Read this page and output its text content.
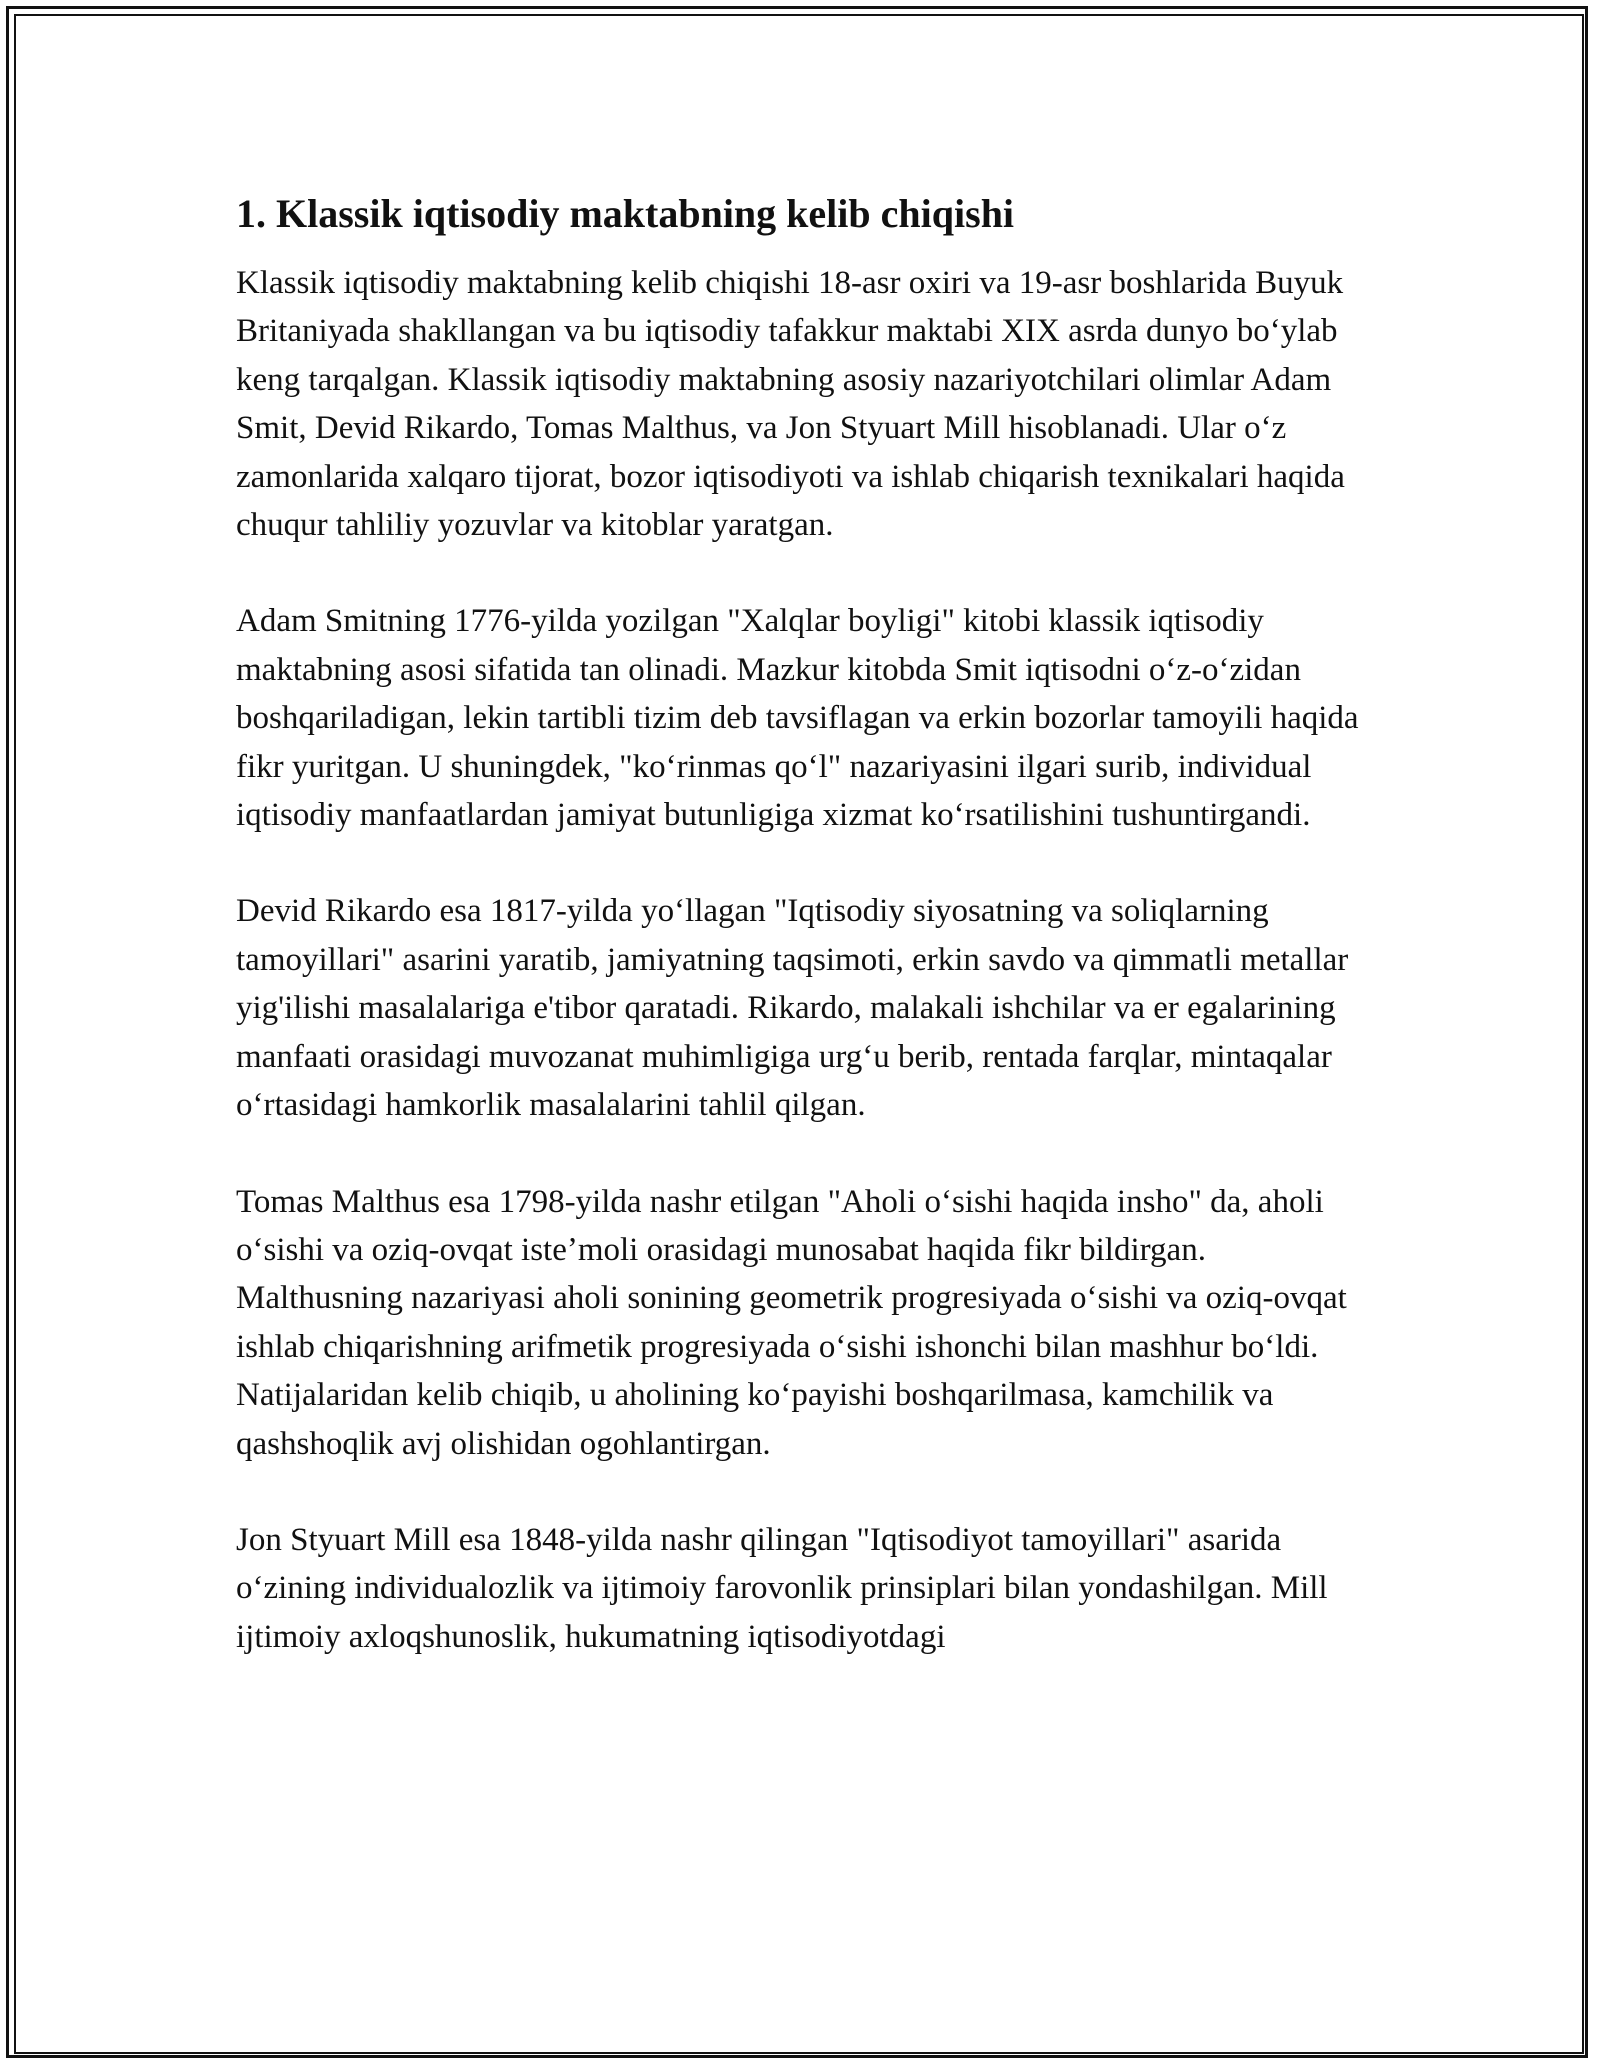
1. Klassik iqtisodiy maktabning kelib chiqishi

Klassik iqtisodiy maktabning kelib chiqishi 18-asr oxiri va 19-asr boshlarida Buyuk Britaniyada shakllangan va bu iqtisodiy tafakkur maktabi XIX asrda dunyo boʻylab keng tarqalgan. Klassik iqtisodiy maktabning asosiy nazariyotchilari olimlar Adam Smit, Devid Rikardo, Tomas Malthus, va Jon Styuart Mill hisoblanadi. Ular oʻz zamonlarida xalqaro tijorat, bozor iqtisodiyoti va ishlab chiqarish texnikalari haqida chuqur tahliliy yozuvlar va kitoblar yaratgan.

Adam Smitning 1776-yilda yozilgan "Xalqlar boyligi" kitobi klassik iqtisodiy maktabning asosi sifatida tan olinadi. Mazkur kitobda Smit iqtisodni oʻz-oʻzidan boshqariladigan, lekin tartibli tizim deb tavsiflagan va erkin bozorlar tamoyili haqida fikr yuritgan. U shuningdek, "koʻrinmas qoʻl" nazariyasini ilgari surib, individual iqtisodiy manfaatlardan jamiyat butunligiga xizmat koʻrsatilishini tushuntirgandi.

Devid Rikardo esa 1817-yilda yoʻllagan "Iqtisodiy siyosatning va soliqlarning tamoyillari" asarini yaratib, jamiyatning taqsimoti, erkin savdo va qimmatli metallar yig'ilishi masalalariga e'tibor qaratadi. Rikardo, malakali ishchilar va er egalarining manfaati orasidagi muvozanat muhimligiga urgʻu berib, rentada farqlar, mintaqalar oʻrtasidagi hamkorlik masalalarini tahlil qilgan.

Tomas Malthus esa 1798-yilda nashr etilgan "Aholi oʻsishi haqida insho" da, aholi oʻsishi va oziq-ovqat isteʼmoli orasidagi munosabat haqida fikr bildirgan. Malthusning nazariyasi aholi sonining geometrik progresiyada oʻsishi va oziq-ovqat ishlab chiqarishning arifmetik progresiyada oʻsishi ishonchi bilan mashhur boʻldi. Natijalaridan kelib chiqib, u aholining koʻpayishi boshqarilmasa, kamchilik va qashshoqlik avj olishidan ogohlantirgan.

Jon Styuart Mill esa 1848-yilda nashr qilingan "Iqtisodiyot tamoyillari" asarida oʻzining individualozlik va ijtimoiy farovonlik prinsiplari bilan yondashilgan. Mill ijtimoiy axloqshunoslik, hukumatning iqtisodiyotdagi
